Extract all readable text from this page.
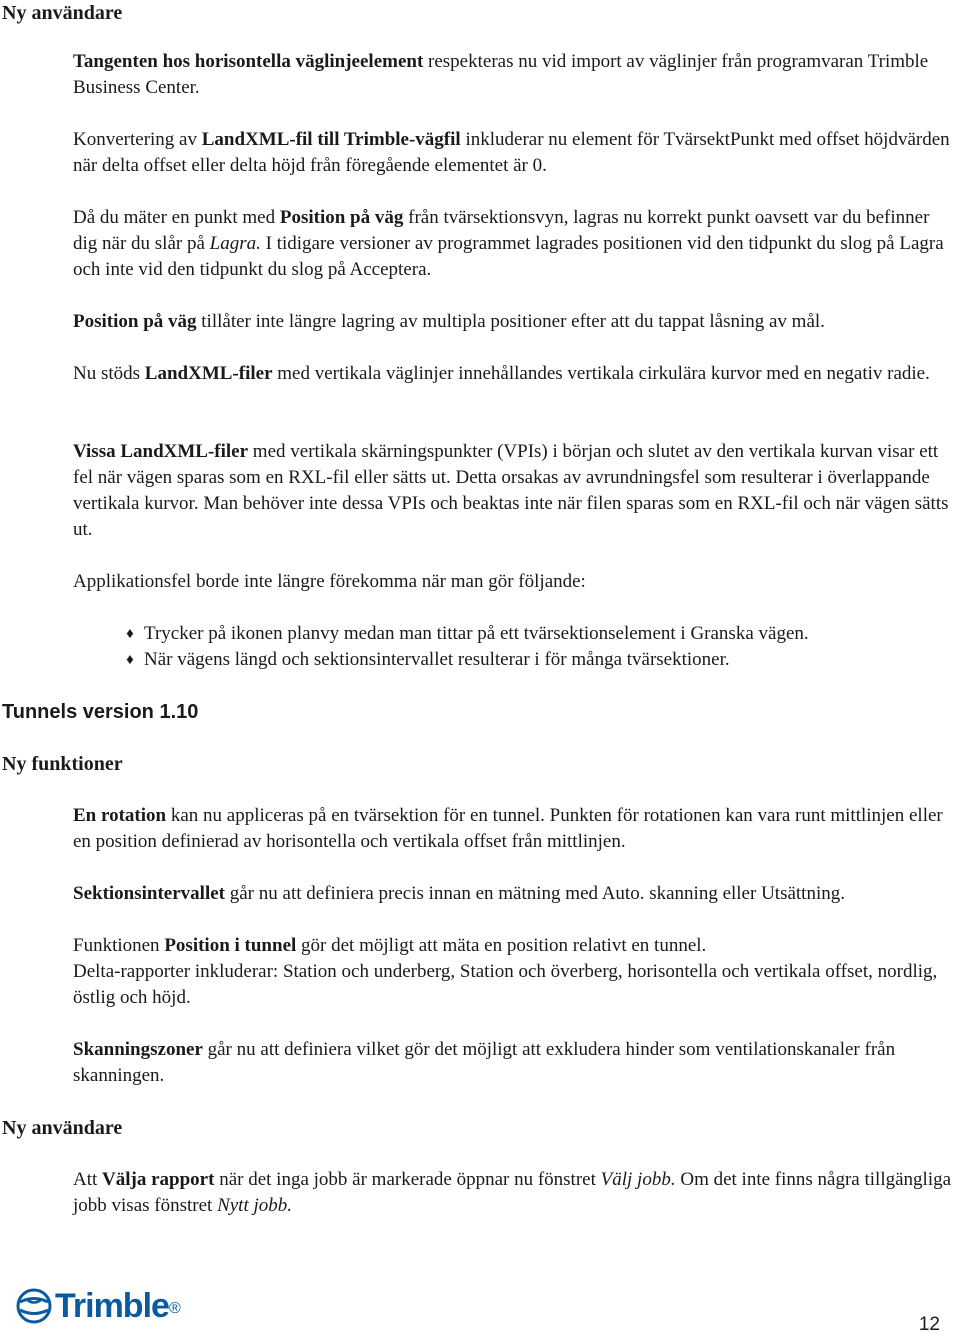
Ny användare

Tangenten hos horisontella väglinjeelement respekteras nu vid import av väglinjer från programvaran Trimble Business Center.

Konvertering av LandXML-fil till Trimble-vägfil inkluderar nu element för TvärsektPunkt med offset höjdvärden när delta offset eller delta höjd från föregående elementet är 0.

Då du mäter en punkt med Position på väg från tvärsektionsvyn, lagras nu korrekt punkt oavsett var du befinner dig när du slår på Lagra. I tidigare versioner av programmet lagrades positionen vid den tidpunkt du slog på Lagra och inte vid den tidpunkt du slog på Acceptera.

Position på väg tillåter inte längre lagring av multipla positioner efter att du tappat låsning av mål.

Nu stöds LandXML-filer med vertikala väglinjer innehållandes vertikala cirkulära kurvor med en negativ radie.

Vissa LandXML-filer med vertikala skärningspunkter (VPIs) i början och slutet av den vertikala kurvan visar ett fel när vägen sparas som en RXL-fil eller sätts ut. Detta orsakas av avrundningsfel som resulterar i överlappande vertikala kurvor. Man behöver inte dessa VPIs och beaktas inte när filen sparas som en RXL-fil och när vägen sätts ut.

Applikationsfel borde inte längre förekomma när man gör följande:

♦ Trycker på ikonen planvy medan man tittar på ett tvärsektionselement i Granska vägen.
♦ När vägens längd och sektionsintervallet resulterar i för många tvärsektioner.
Tunnels version 1.10
Ny funktioner

En rotation kan nu appliceras på en tvärsektion för en tunnel. Punkten för rotationen kan vara runt mittlinjen eller en position definierad av horisontella och vertikala offset från mittlinjen.

Sektionsintervallet går nu att definiera precis innan en mätning med Auto. skanning eller Utsättning.

Funktionen Position i tunnel gör det möjligt att mäta en position relativt en tunnel.
Delta-rapporter inkluderar: Station och underberg, Station och överberg, horisontella och vertikala offset, nordlig, östlig och höjd.

Skanningszoner går nu att definiera vilket gör det möjligt att exkludera hinder som ventilationskanaler från skanningen.

Ny användare

Att Välja rapport när det inga jobb är markerade öppnar nu fönstret Välj jobb. Om det inte finns några tillgängliga jobb visas fönstret Nytt jobb.

Trimble ®
12
